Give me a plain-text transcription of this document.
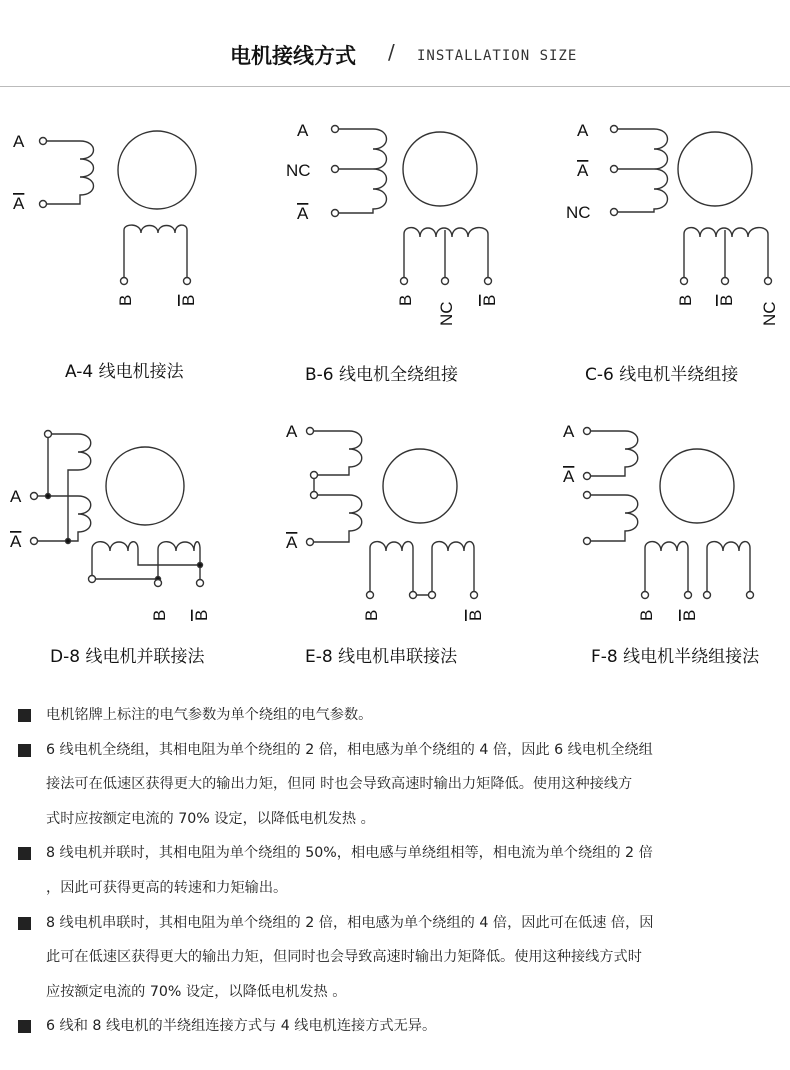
电机接线方式 / INSTALLATION SIZE
A
A
B	B
A
NC
A
B
NC
B
A
A
NC
B B
NC
A
A
B B
A
A
B	B
A
A
B B
A-4 线电机接法	B-6 线电机全绕组接	C-6 线电机半绕组接
D-8 线电机并联接法	E-8 线电机串联接法	F-8 线电机半绕组接法
电机铭牌上标注的电气参数为单个绕组的电气参数。
6 线电机全绕组，其相电阻为单个绕组的 2 倍，相电感为单个绕组的 4 倍，因此 6 线电机全绕组
接法可在低速区获得更大的输出力矩，但同 时也会导致高速时输出力矩降低。使用这种接线方
式时应按额定电流的 70% 设定，以降低电机发热 。
8 线电机并联时，其相电阻为单个绕组的 50%，相电感与单绕组相等，相电流为单个绕组的 2 倍
，因此可获得更高的转速和力矩输出。
8 线电机串联时，其相电阻为单个绕组的 2 倍，相电感为单个绕组的 4 倍，因此可在低速 倍，因
此可在低速区获得更大的输出力矩，但同时也会导致高速时输出力矩降低。使用这种接线方式时
应按额定电流的 70% 设定，以降低电机发热 。
6 线和 8 线电机的半绕组连接方式与 4 线电机连接方式无异。
